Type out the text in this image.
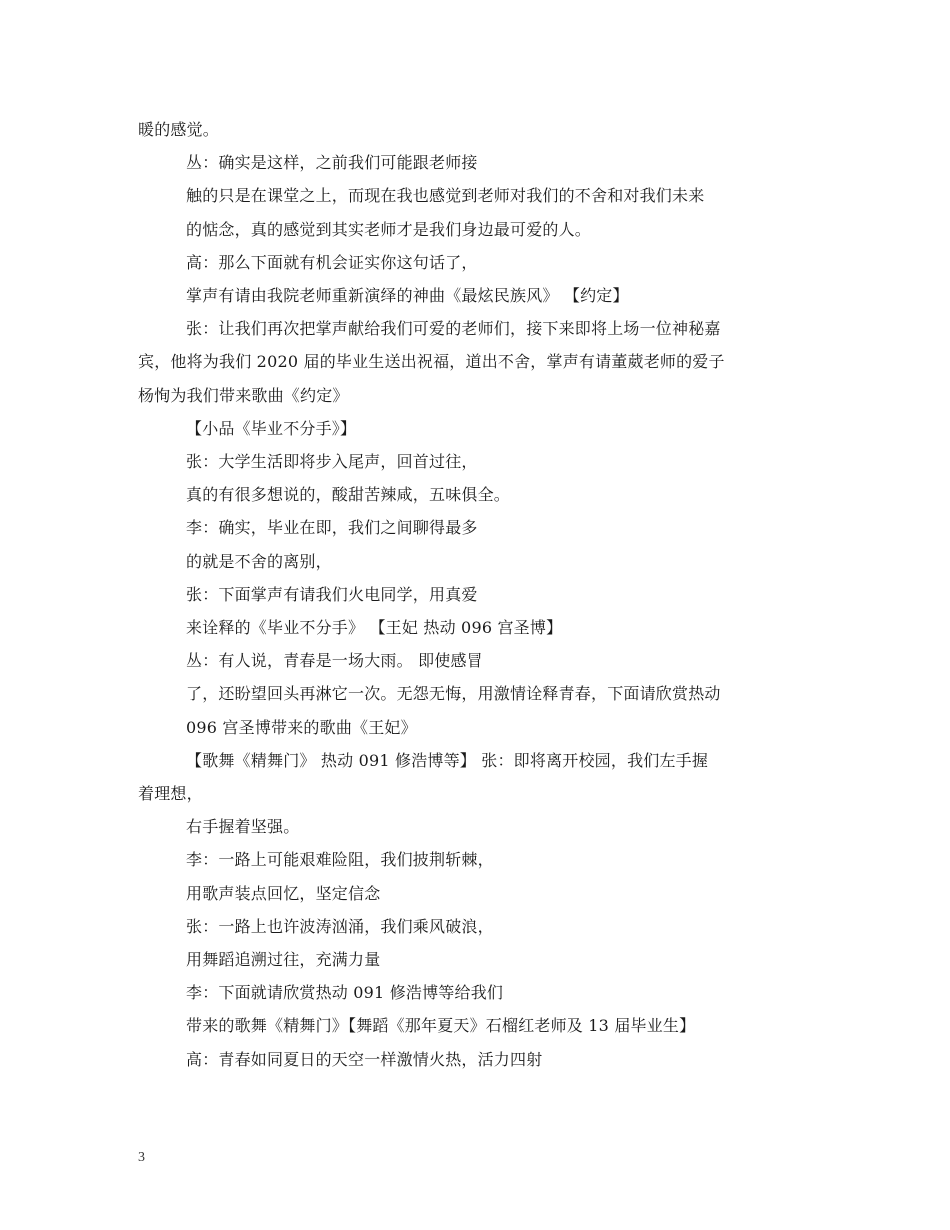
暖的感觉。
丛：确实是这样，之前我们可能跟老师接
触的只是在课堂之上，而现在我也感觉到老师对我们的不舍和对我们未来
的惦念，真的感觉到其实老师才是我们身边最可爱的人。
高：那么下面就有机会证实你这句话了，
掌声有请由我院老师重新演绎的神曲《最炫民族风》 【约定】
张：让我们再次把掌声献给我们可爱的老师们，接下来即将上场一位神秘嘉
宾，他将为我们 2020 届的毕业生送出祝福，道出不舍，掌声有请董葳老师的爱子
杨恂为我们带来歌曲《约定》
【小品《毕业不分手》】
张：大学生活即将步入尾声，回首过往，
真的有很多想说的，酸甜苦辣咸，五味俱全。
李：确实，毕业在即，我们之间聊得最多
的就是不舍的离别，
张：下面掌声有请我们火电同学，用真爱
来诠释的《毕业不分手》 【王妃 热动 096 宫圣博】
丛：有人说，青春是一场大雨。 即使感冒
了，还盼望回头再淋它一次。无怨无悔，用激情诠释青春，下面请欣赏热动
096 宫圣博带来的歌曲《王妃》
【歌舞《精舞门》 热动 091 修浩博等】 张：即将离开校园，我们左手握
着理想，
右手握着坚强。
李：一路上可能艰难险阻，我们披荆斩棘，
用歌声装点回忆，坚定信念
张：一路上也许波涛汹涌，我们乘风破浪，
用舞蹈追溯过往，充满力量
李：下面就请欣赏热动 091 修浩博等给我们
带来的歌舞《精舞门》【舞蹈《那年夏天》石榴红老师及 13 届毕业生】
高：青春如同夏日的天空一样激情火热，活力四射
3
